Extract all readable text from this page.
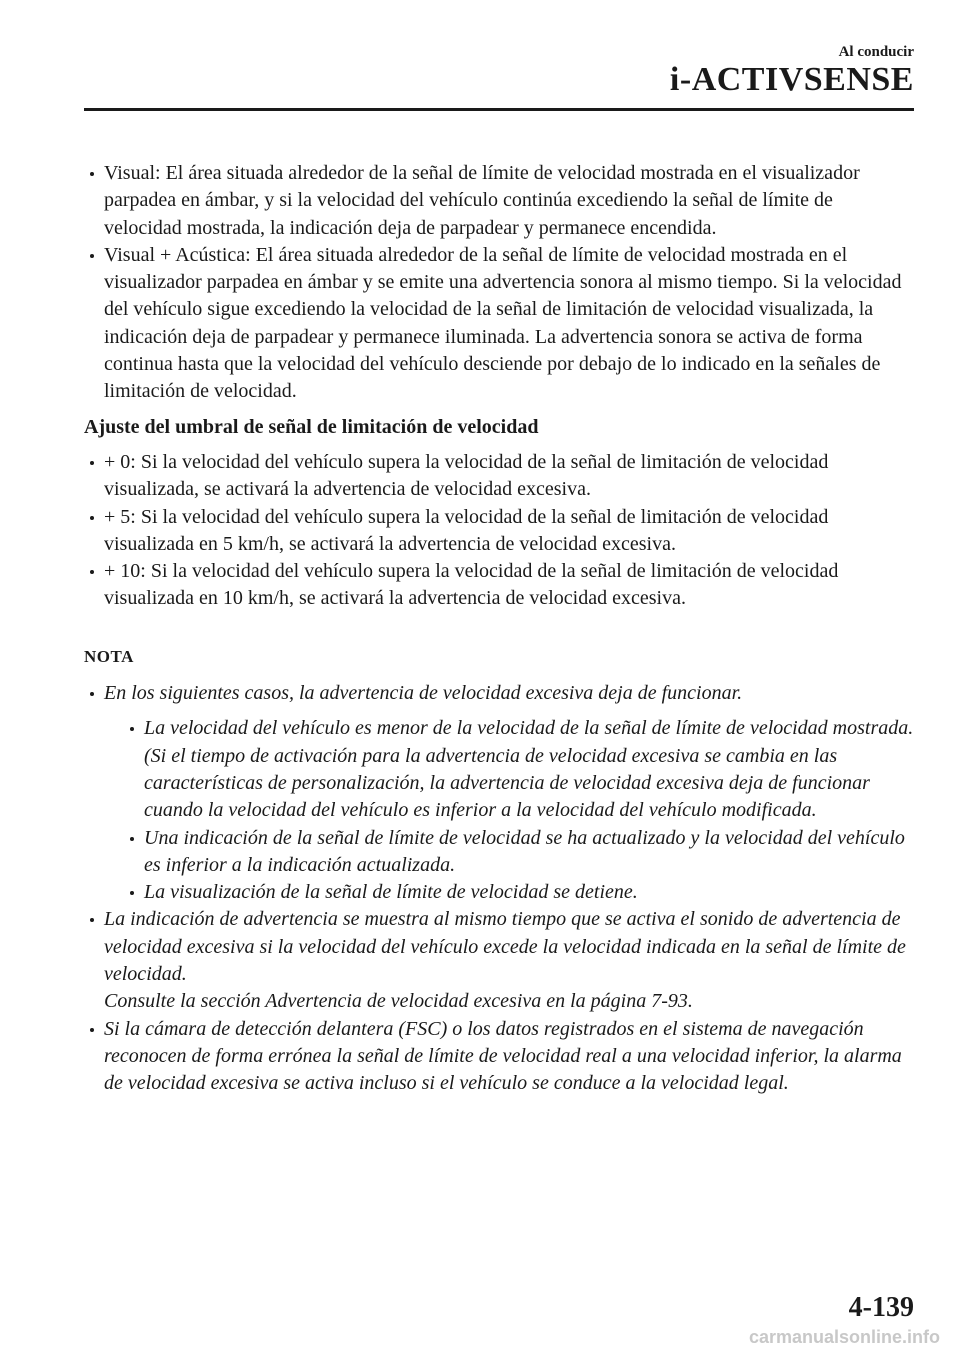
Al conducir
i-ACTIVSENSE
Visual: El área situada alrededor de la señal de límite de velocidad mostrada en el visualizador parpadea en ámbar, y si la velocidad del vehículo continúa excediendo la señal de límite de velocidad mostrada, la indicación deja de parpadear y permanece encendida.
Visual + Acústica: El área situada alrededor de la señal de límite de velocidad mostrada en el visualizador parpadea en ámbar y se emite una advertencia sonora al mismo tiempo. Si la velocidad del vehículo sigue excediendo la velocidad de la señal de limitación de velocidad visualizada, la indicación deja de parpadear y permanece iluminada. La advertencia sonora se activa de forma continua hasta que la velocidad del vehículo desciende por debajo de lo indicado en la señales de limitación de velocidad.
Ajuste del umbral de señal de limitación de velocidad
+ 0: Si la velocidad del vehículo supera la velocidad de la señal de limitación de velocidad visualizada, se activará la advertencia de velocidad excesiva.
+ 5: Si la velocidad del vehículo supera la velocidad de la señal de limitación de velocidad visualizada en 5 km/h, se activará la advertencia de velocidad excesiva.
+ 10: Si la velocidad del vehículo supera la velocidad de la señal de limitación de velocidad visualizada en 10 km/h, se activará la advertencia de velocidad excesiva.
NOTA
En los siguientes casos, la advertencia de velocidad excesiva deja de funcionar.
La velocidad del vehículo es menor de la velocidad de la señal de límite de velocidad mostrada. (Si el tiempo de activación para la advertencia de velocidad excesiva se cambia en las características de personalización, la advertencia de velocidad excesiva deja de funcionar cuando la velocidad del vehículo es inferior a la velocidad del vehículo modificada.
Una indicación de la señal de límite de velocidad se ha actualizado y la velocidad del vehículo es inferior a la indicación actualizada.
La visualización de la señal de límite de velocidad se detiene.
La indicación de advertencia se muestra al mismo tiempo que se activa el sonido de advertencia de velocidad excesiva si la velocidad del vehículo excede la velocidad indicada en la señal de límite de velocidad.
Consulte la sección Advertencia de velocidad excesiva en la página 7-93.
Si la cámara de detección delantera (FSC) o los datos registrados en el sistema de navegación reconocen de forma errónea la señal de límite de velocidad real a una velocidad inferior, la alarma de velocidad excesiva se activa incluso si el vehículo se conduce a la velocidad legal.
4-139
carmanualsonline.info
